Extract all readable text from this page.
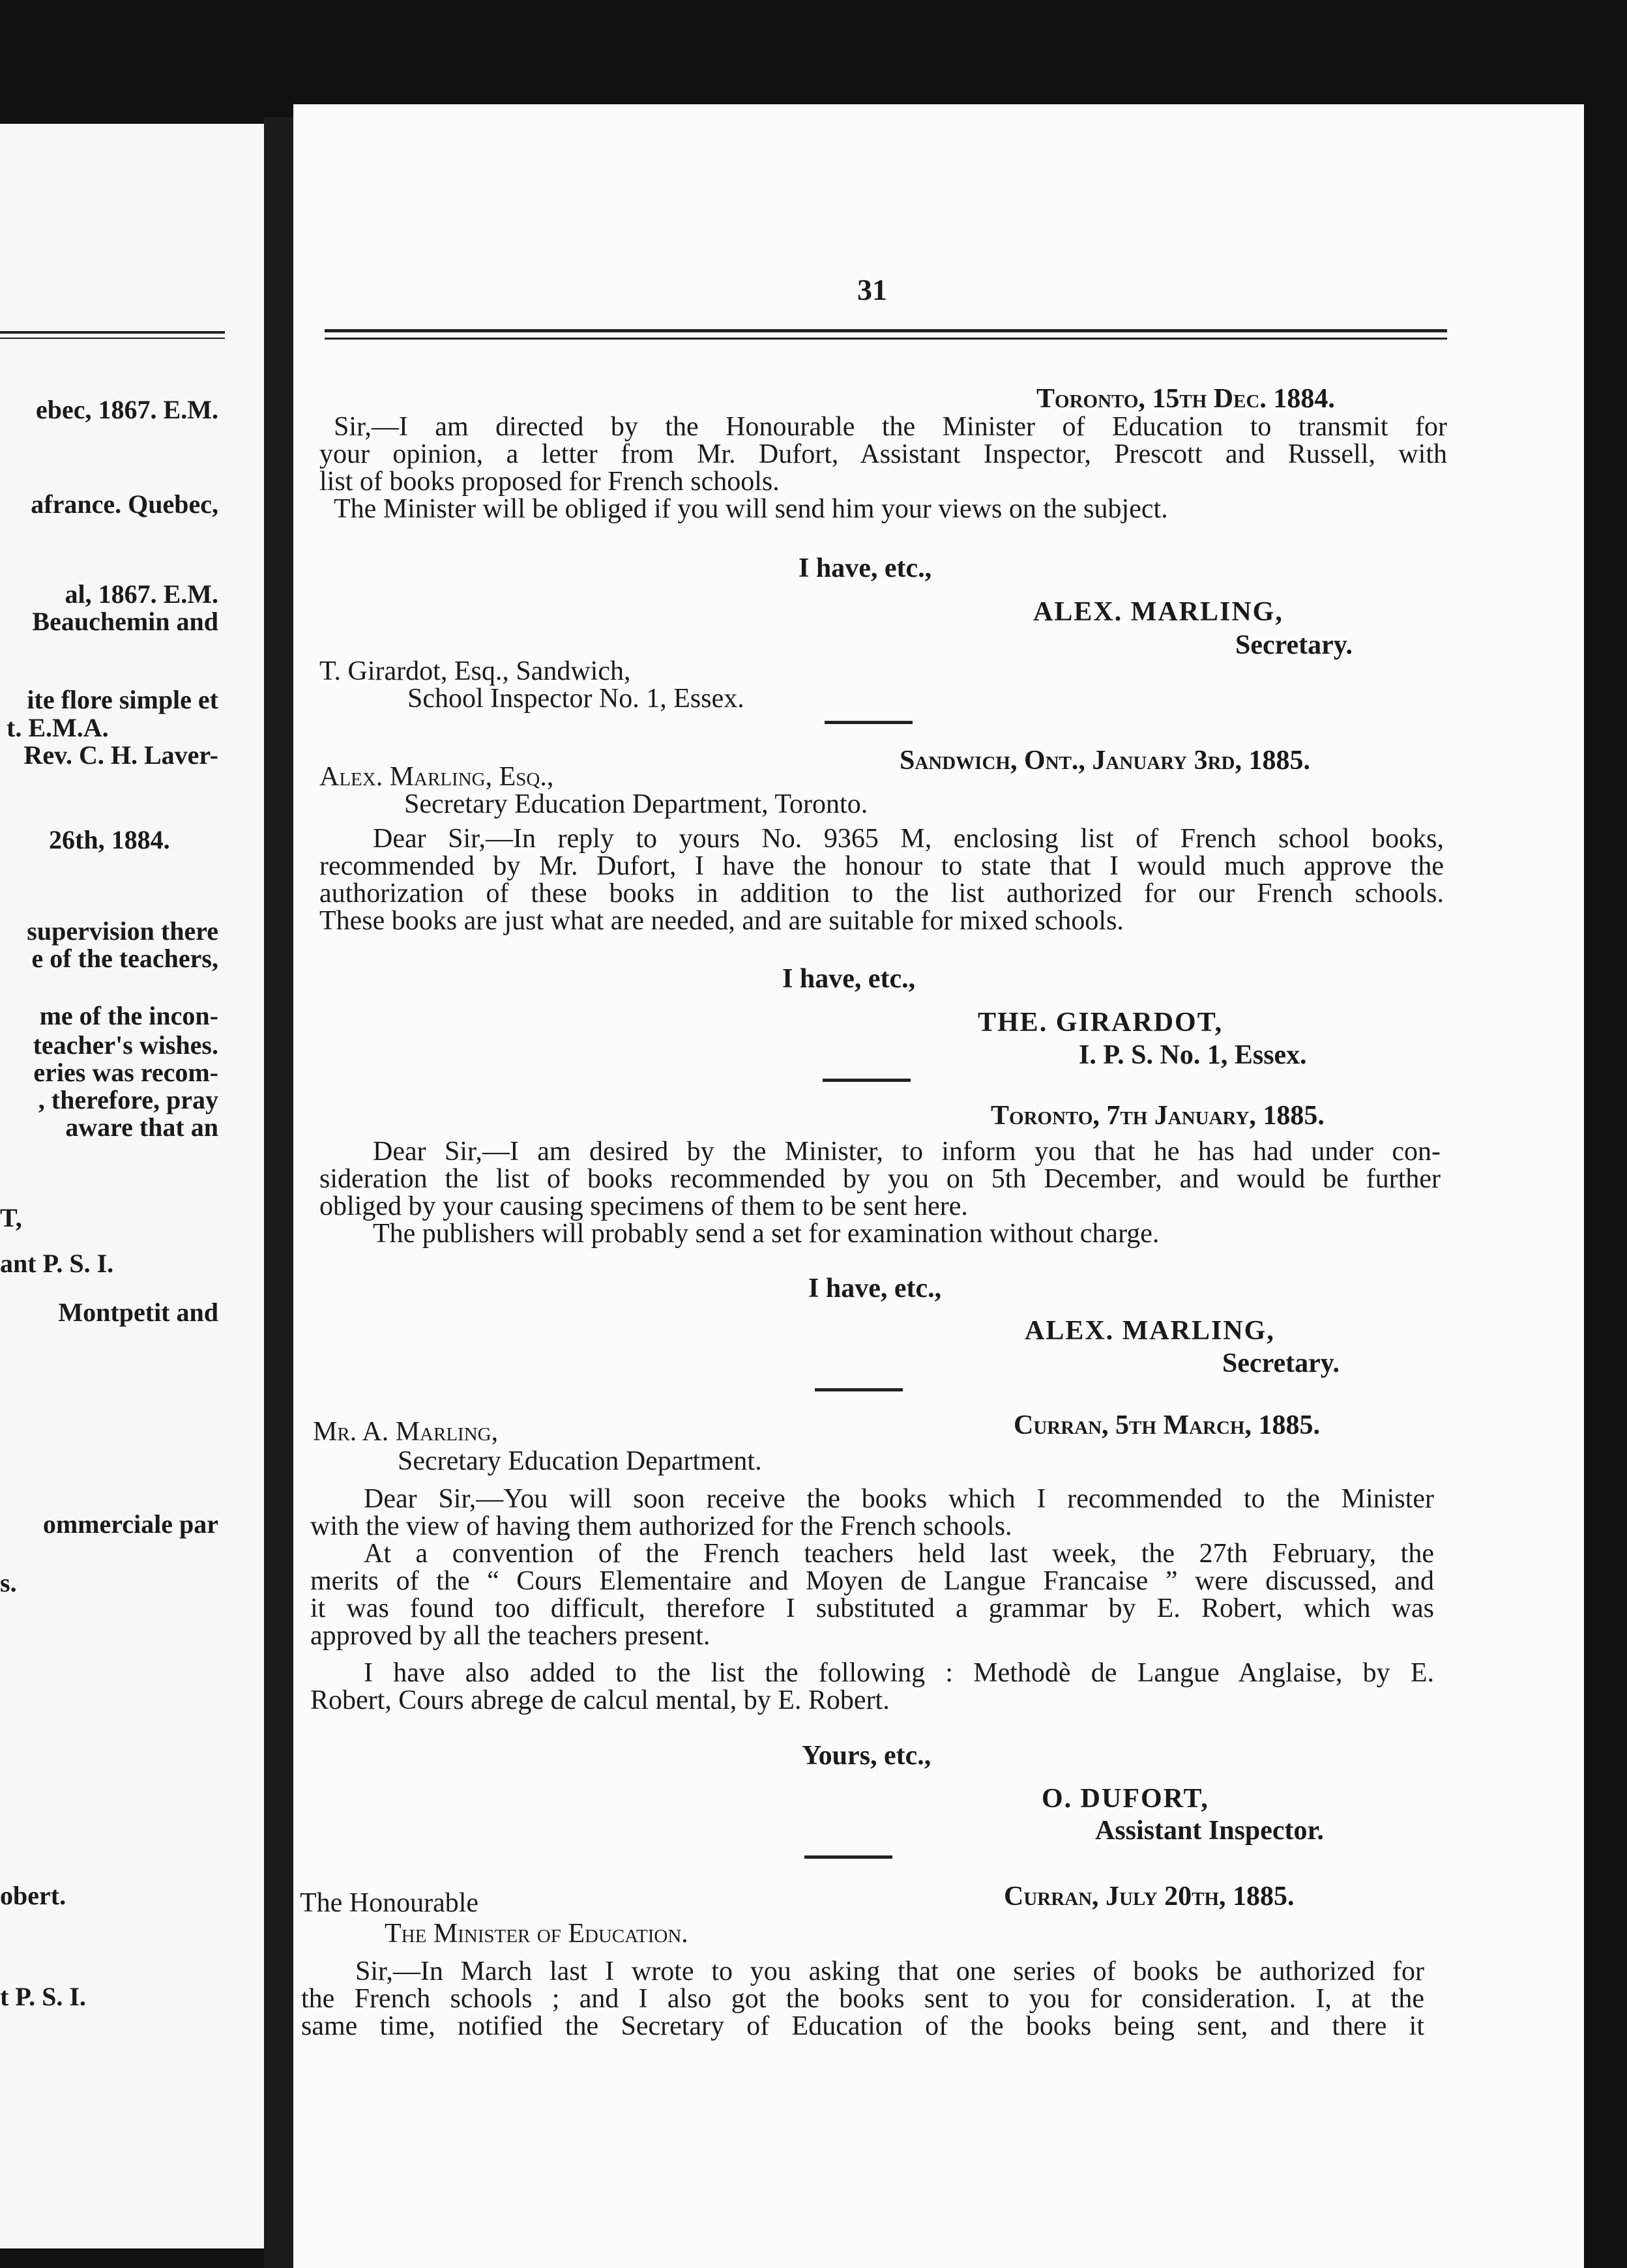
ebec, 1867. E.M.
afrance. Quebec,
al, 1867. E.M.
Beauchemin and
ite flore simple et
t. E.M.A.
Rev. C. H. Laver-
26th, 1884.
supervision there
e of the teachers,
me of the incon-
teacher's wishes.
eries was recom-
, therefore, pray
aware that an
T,
ant P. S. I.
Montpetit and
ommerciale par
s.
obert.
t P. S. I.
31
Toronto, 15th Dec. 1884.
Sir,—I am directed by the Honourable the Minister of Education to transmit for
your opinion, a letter from Mr. Dufort, Assistant Inspector, Prescott and Russell, with
list of books proposed for French schools.
The Minister will be obliged if you will send him your views on the subject.
I have, etc.,
ALEX. MARLING,
Secretary.
T. Girardot, Esq., Sandwich,
School Inspector No. 1, Essex.
Sandwich, Ont., January 3rd, 1885.
Alex. Marling, Esq.,
Secretary Education Department, Toronto.
Dear Sir,—In reply to yours No. 9365 M, enclosing list of French school books,
recommended by Mr. Dufort, I have the honour to state that I would much approve the
authorization of these books in addition to the list authorized for our French schools.
These books are just what are needed, and are suitable for mixed schools.
I have, etc.,
THE. GIRARDOT,
I. P. S. No. 1, Essex.
Toronto, 7th January, 1885.
Dear Sir,—I am desired by the Minister, to inform you that he has had under con-
sideration the list of books recommended by you on 5th December, and would be further
obliged by your causing specimens of them to be sent here.
The publishers will probably send a set for examination without charge.
I have, etc.,
ALEX. MARLING,
Secretary.
Curran, 5th March, 1885.
Mr. A. Marling,
Secretary Education Department.
Dear Sir,—You will soon receive the books which I recommended to the Minister
with the view of having them authorized for the French schools.
At a convention of the French teachers held last week, the 27th February, the
merits of the “ Cours Elementaire and Moyen de Langue Francaise ” were discussed, and
it was found too difficult, therefore I substituted a grammar by E. Robert, which was
approved by all the teachers present.
I have also added to the list the following : Methodè de Langue Anglaise, by E.
Robert, Cours abrege de calcul mental, by E. Robert.
Yours, etc.,
O. DUFORT,
Assistant Inspector.
Curran, July 20th, 1885.
The Honourable
The Minister of Education.
Sir,—In March last I wrote to you asking that one series of books be authorized for
the French schools ; and I also got the books sent to you for consideration. I, at the
same time, notified the Secretary of Education of the books being sent, and there it
